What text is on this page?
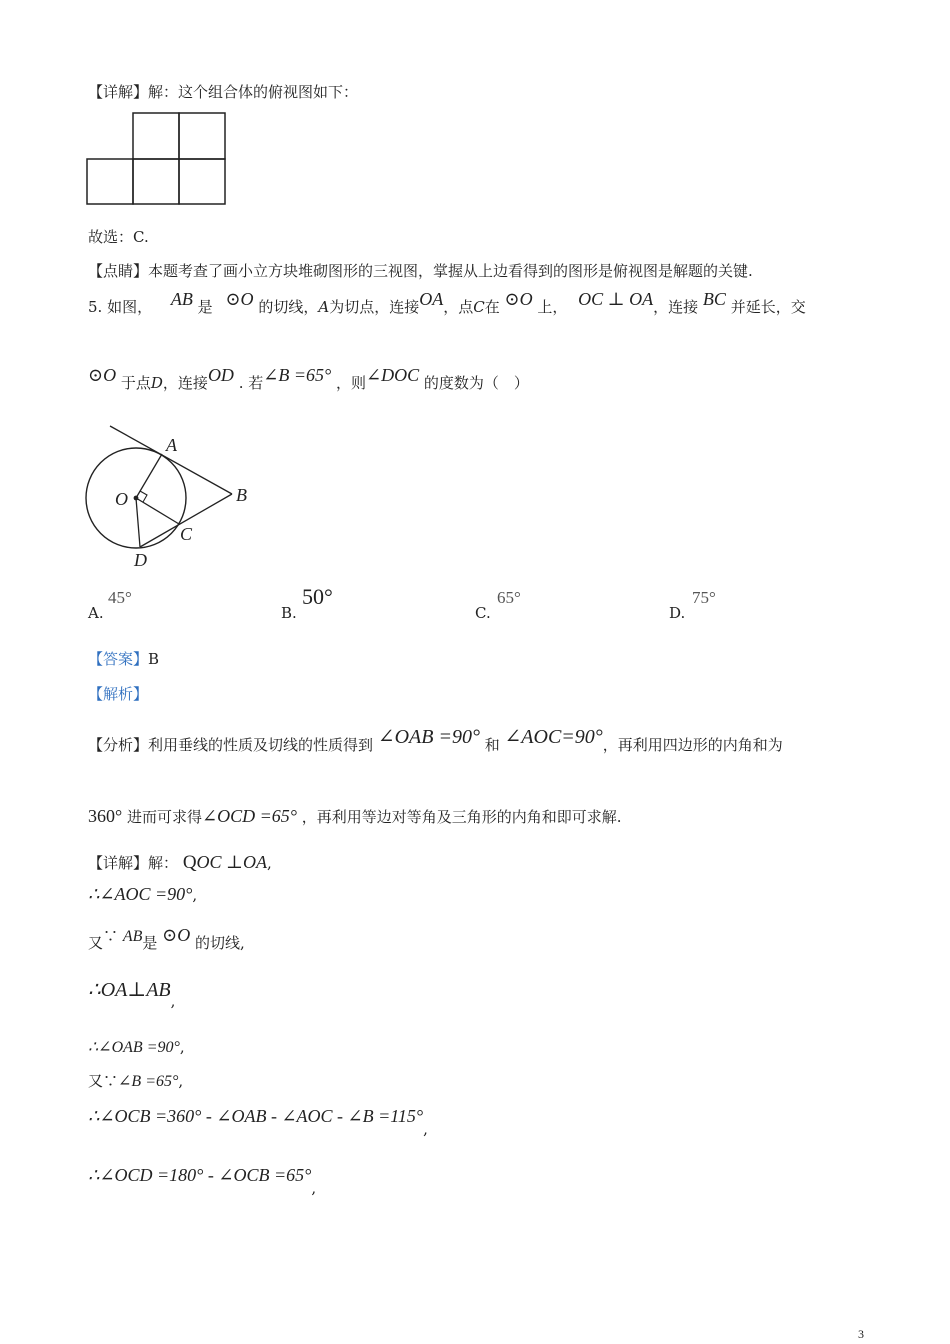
【详解】解：这个组合体的俯视图如下：
故选：C.
【点睛】本题考查了画小立方块堆砌图形的三视图，掌握从上边看得到的图形是俯视图是解题的关键.
5. 如图， AB 是 ⊙O 的切线，A为切点，连接OA，点C在 ⊙O 上， OC ⊥ OA，连接 BC 并延长，交
⊙O 于点D，连接OD . 若∠B =65° ，则∠DOC 的度数为（　）
A
B
C
D
O
A.
45°
B.
50°
C.
65°
D.
75°
【答案】B
【解析】
【分析】利用垂线的性质及切线的性质得到 ∠OAB =90° 和 ∠AOC=90°，再利用四边形的内角和为
360° 进而可求得∠OCD =65° ，再利用等边对等角及三角形的内角和即可求解.
【详解】解： QOC ⊥OA,
∴∠AOC =90°,
又∵ AB是 ⊙O 的切线,
∴OA⊥AB,
∴∠OAB =90°,
又∵∠B =65°,
∴∠OCB =360° - ∠OAB - ∠AOC - ∠B =115°,
∴∠OCD =180° - ∠OCB =65°,
3
